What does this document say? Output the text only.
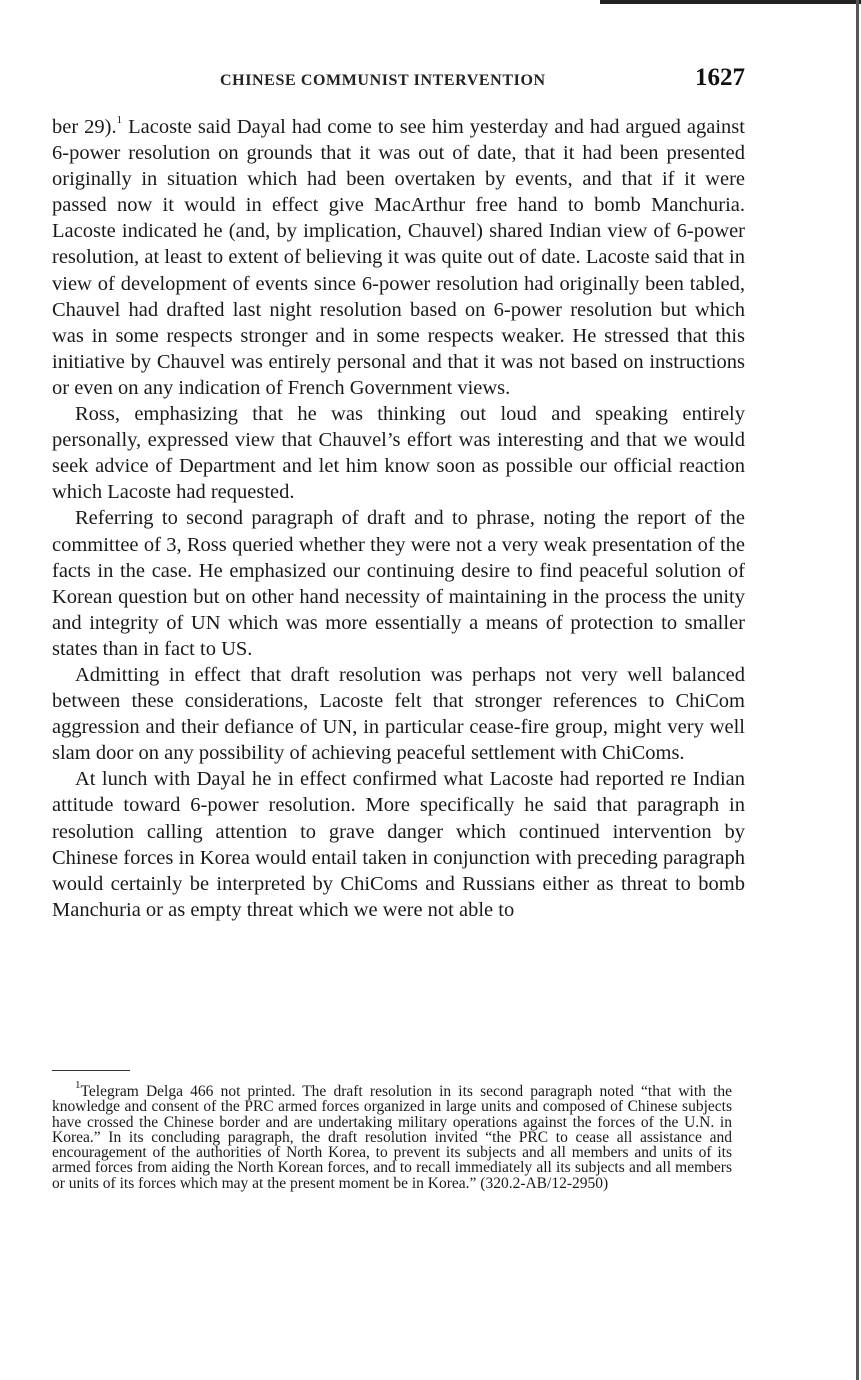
CHINESE COMMUNIST INTERVENTION	1627

ber 29).$^1$ Lacoste said Dayal had come to see him yesterday and had argued against 6-power resolution on grounds that it was out of date, that it had been presented originally in situation which had been overtaken by events, and that if it were passed now it would in effect give MacArthur free hand to bomb Manchuria. Lacoste indicated he (and, by implication, Chauvel) shared Indian view of 6-power resolution, at least to extent of believing it was quite out of date. Lacoste said that in view of development of events since 6-power resolution had originally been tabled, Chauvel had drafted last night resolution based on 6-power resolution but which was in some respects stronger and in some respects weaker. He stressed that this initiative by Chauvel was entirely personal and that it was not based on instructions or even on any indication of French Government views.

Ross, emphasizing that he was thinking out loud and speaking entirely personally, expressed view that Chauvel’s effort was interesting and that we would seek advice of Department and let him know soon as possible our official reaction which Lacoste had requested.

Referring to second paragraph of draft and to phrase, noting the report of the committee of 3, Ross queried whether they were not a very weak presentation of the facts in the case. He emphasized our continuing desire to find peaceful solution of Korean question but on other hand necessity of maintaining in the process the unity and integrity of UN which was more essentially a means of protection to smaller states than in fact to US.

Admitting in effect that draft resolution was perhaps not very well balanced between these considerations, Lacoste felt that stronger references to ChiCom aggression and their defiance of UN, in particular cease-fire group, might very well slam door on any possibility of achieving peaceful settlement with ChiComs.

At lunch with Dayal he in effect confirmed what Lacoste had reported re Indian attitude toward 6-power resolution. More specifically he said that paragraph in resolution calling attention to grave danger which continued intervention by Chinese forces in Korea would entail taken in conjunction with preceding paragraph would certainly be interpreted by ChiComs and Russians either as threat to bomb Manchuria or as empty threat which we were not able to

$^1$Telegram Delga 466 not printed. The draft resolution in its second paragraph noted “that with the knowledge and consent of the PRC armed forces organized in large units and composed of Chinese subjects have crossed the Chinese border and are undertaking military operations against the forces of the U.N. in Korea.” In its concluding paragraph, the draft resolution invited “the PRC to cease all assistance and encouragement of the authorities of North Korea, to prevent its subjects and all members and units of its armed forces from aiding the North Korean forces, and to recall immediately all its subjects and all members or units of its forces which may at the present moment be in Korea.” (320.2-AB/12-2950)
